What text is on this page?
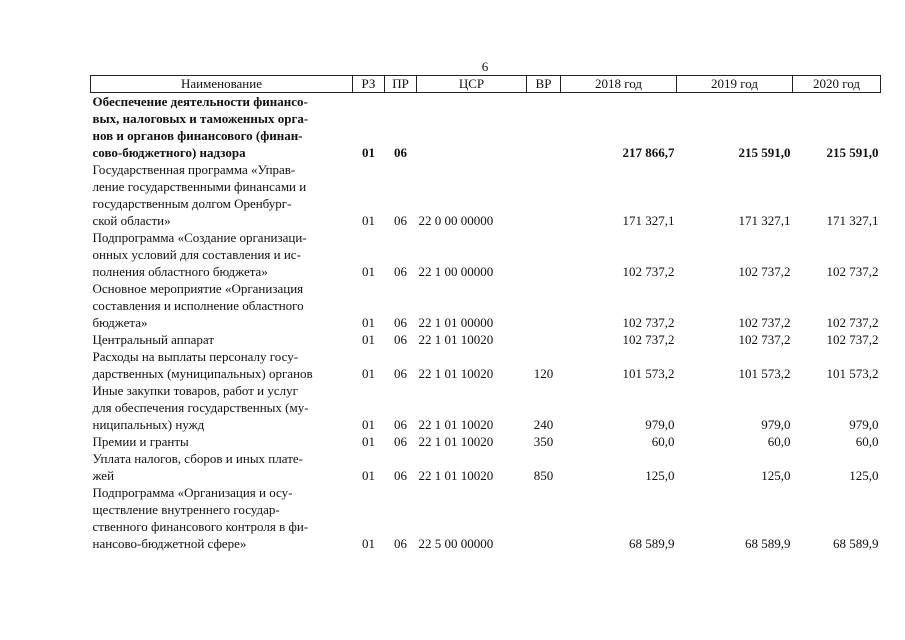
6
Наименование	РЗ	ПР	ЦСР	ВР	2018 год	2019 год	2020 год
Обеспечение деятельности финансо-
вых, налоговых и таможенных орга-
нов и органов финансового (финан-
сово-бюджетного) надзора	01	06			217 866,7	215 591,0	215 591,0
Государственная программа «Управ-
ление государственными финансами и
государственным долгом Оренбург-
ской области»	01	06	22 0 00 00000		171 327,1	171 327,1	171 327,1
Подпрограмма «Создание организаци-
онных условий для составления и ис-
полнения областного бюджета»	01	06	22 1 00 00000		102 737,2	102 737,2	102 737,2
Основное мероприятие «Организация
составления и исполнение областного
бюджета»	01	06	22 1 01 00000		102 737,2	102 737,2	102 737,2
Центральный аппарат	01	06	22 1 01 10020		102 737,2	102 737,2	102 737,2
Расходы на выплаты персоналу госу-
дарственных (муниципальных) органов	01	06	22 1 01 10020	120	101 573,2	101 573,2	101 573,2
Иные закупки товаров, работ и услуг
для обеспечения государственных (му-
ниципальных) нужд	01	06	22 1 01 10020	240	979,0	979,0	979,0
Премии и гранты	01	06	22 1 01 10020	350	60,0	60,0	60,0
Уплата налогов, сборов и иных плате-
жей	01	06	22 1 01 10020	850	125,0	125,0	125,0
Подпрограмма «Организация и осу-
ществление внутреннего государ-
ственного финансового контроля в фи-
нансово-бюджетной сфере»	01	06	22 5 00 00000		68 589,9	68 589,9	68 589,9
